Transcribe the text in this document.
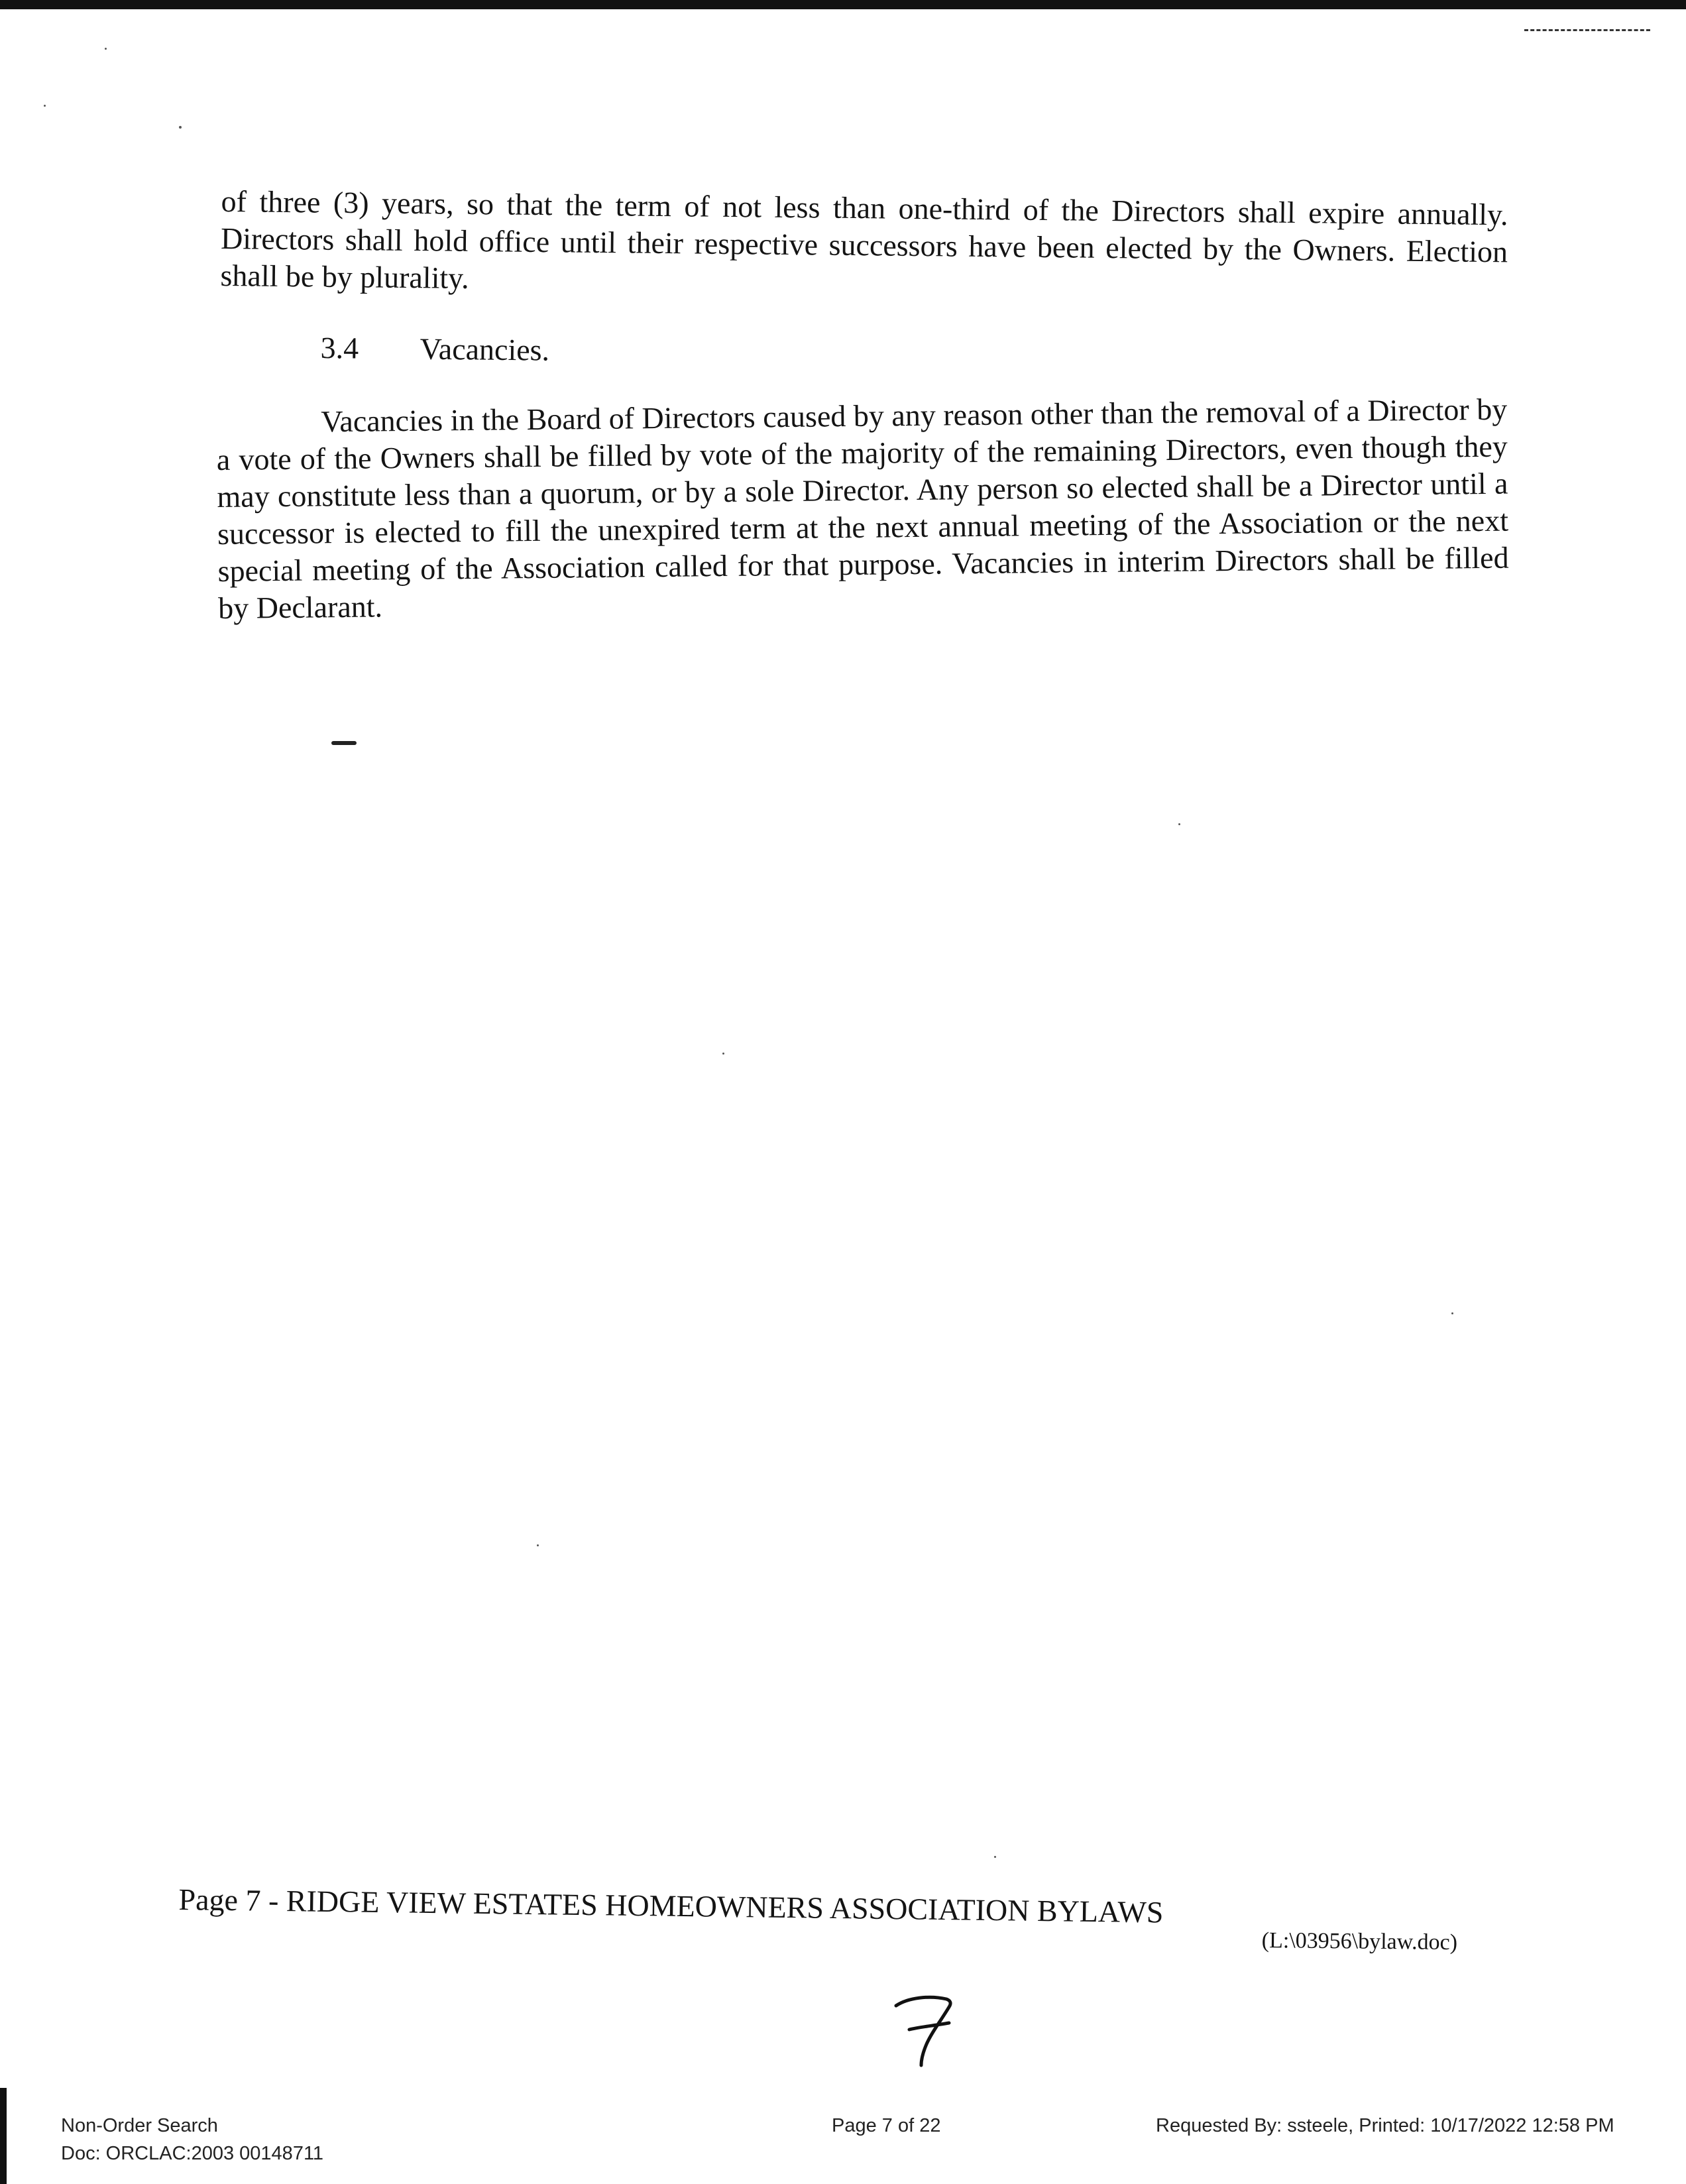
of three (3) years, so that the term of not less than one-third of the Directors shall expire annually. Directors shall hold office until their respective successors have been elected by the Owners. Election shall be by plurality.
3.4 Vacancies.
Vacancies in the Board of Directors caused by any reason other than the removal of a Director by a vote of the Owners shall be filled by vote of the majority of the remaining Directors, even though they may constitute less than a quorum, or by a sole Director. Any person so elected shall be a Director until a successor is elected to fill the unexpired term at the next annual meeting of the Association or the next special meeting of the Association called for that purpose. Vacancies in interim Directors shall be filled by Declarant.
Page 7 - RIDGE VIEW ESTATES HOMEOWNERS ASSOCIATION BYLAWS
(L:\03956\bylaw.doc)
Non-Order Search
Doc: ORCLAC:2003 00148711
Page 7 of 22	Requested By: ssteele, Printed: 10/17/2022 12:58 PM
